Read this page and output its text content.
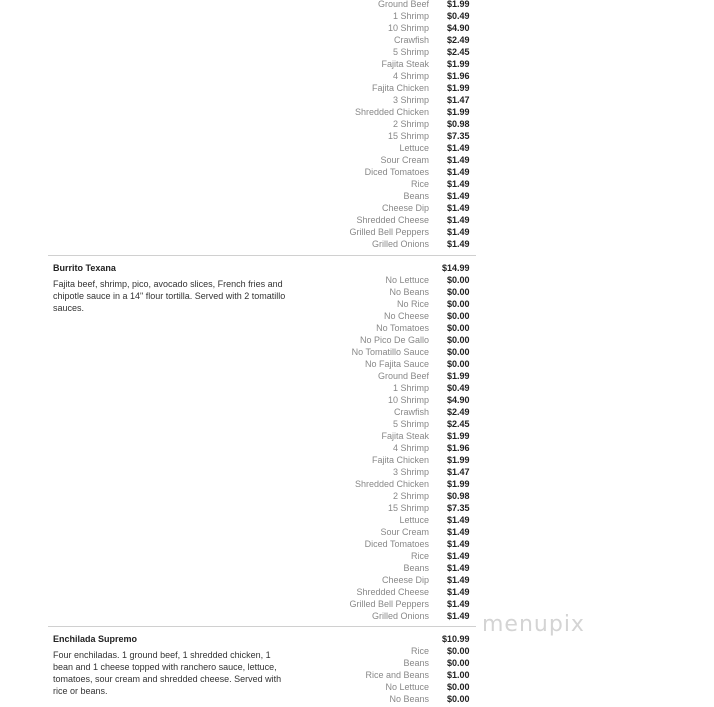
Ground Beef $1.99
1 Shrimp $0.49
10 Shrimp $4.90
Crawfish $2.49
5 Shrimp $2.45
Fajita Steak $1.99
4 Shrimp $1.96
Fajita Chicken $1.99
3 Shrimp $1.47
Shredded Chicken $1.99
2 Shrimp $0.98
15 Shrimp $7.35
Lettuce $1.49
Sour Cream $1.49
Diced Tomatoes $1.49
Rice $1.49
Beans $1.49
Cheese Dip $1.49
Shredded Cheese $1.49
Grilled Bell Peppers $1.49
Grilled Onions $1.49
Burrito Texana	$14.99
Fajita beef, shrimp, pico, avocado slices, French fries and chipotle sauce in a 14" flour tortilla. Served with 2 tomatillo sauces.
No Lettuce $0.00
No Beans $0.00
No Rice $0.00
No Cheese $0.00
No Tomatoes $0.00
No Pico De Gallo $0.00
No Tomatillo Sauce $0.00
No Fajita Sauce $0.00
Ground Beef $1.99
1 Shrimp $0.49
10 Shrimp $4.90
Crawfish $2.49
5 Shrimp $2.45
Fajita Steak $1.99
4 Shrimp $1.96
Fajita Chicken $1.99
3 Shrimp $1.47
Shredded Chicken $1.99
2 Shrimp $0.98
15 Shrimp $7.35
Lettuce $1.49
Sour Cream $1.49
Diced Tomatoes $1.49
Rice $1.49
Beans $1.49
Cheese Dip $1.49
Shredded Cheese $1.49
Grilled Bell Peppers $1.49
Grilled Onions $1.49
Enchilada Supremo	$10.99
Four enchiladas. 1 ground beef, 1 shredded chicken, 1 bean and 1 cheese topped with ranchero sauce, lettuce, tomatoes, sour cream and shredded cheese. Served with rice or beans.
Rice $0.00
Beans $0.00
Rice and Beans $1.00
No Lettuce $0.00
No Beans $0.00
menupix
